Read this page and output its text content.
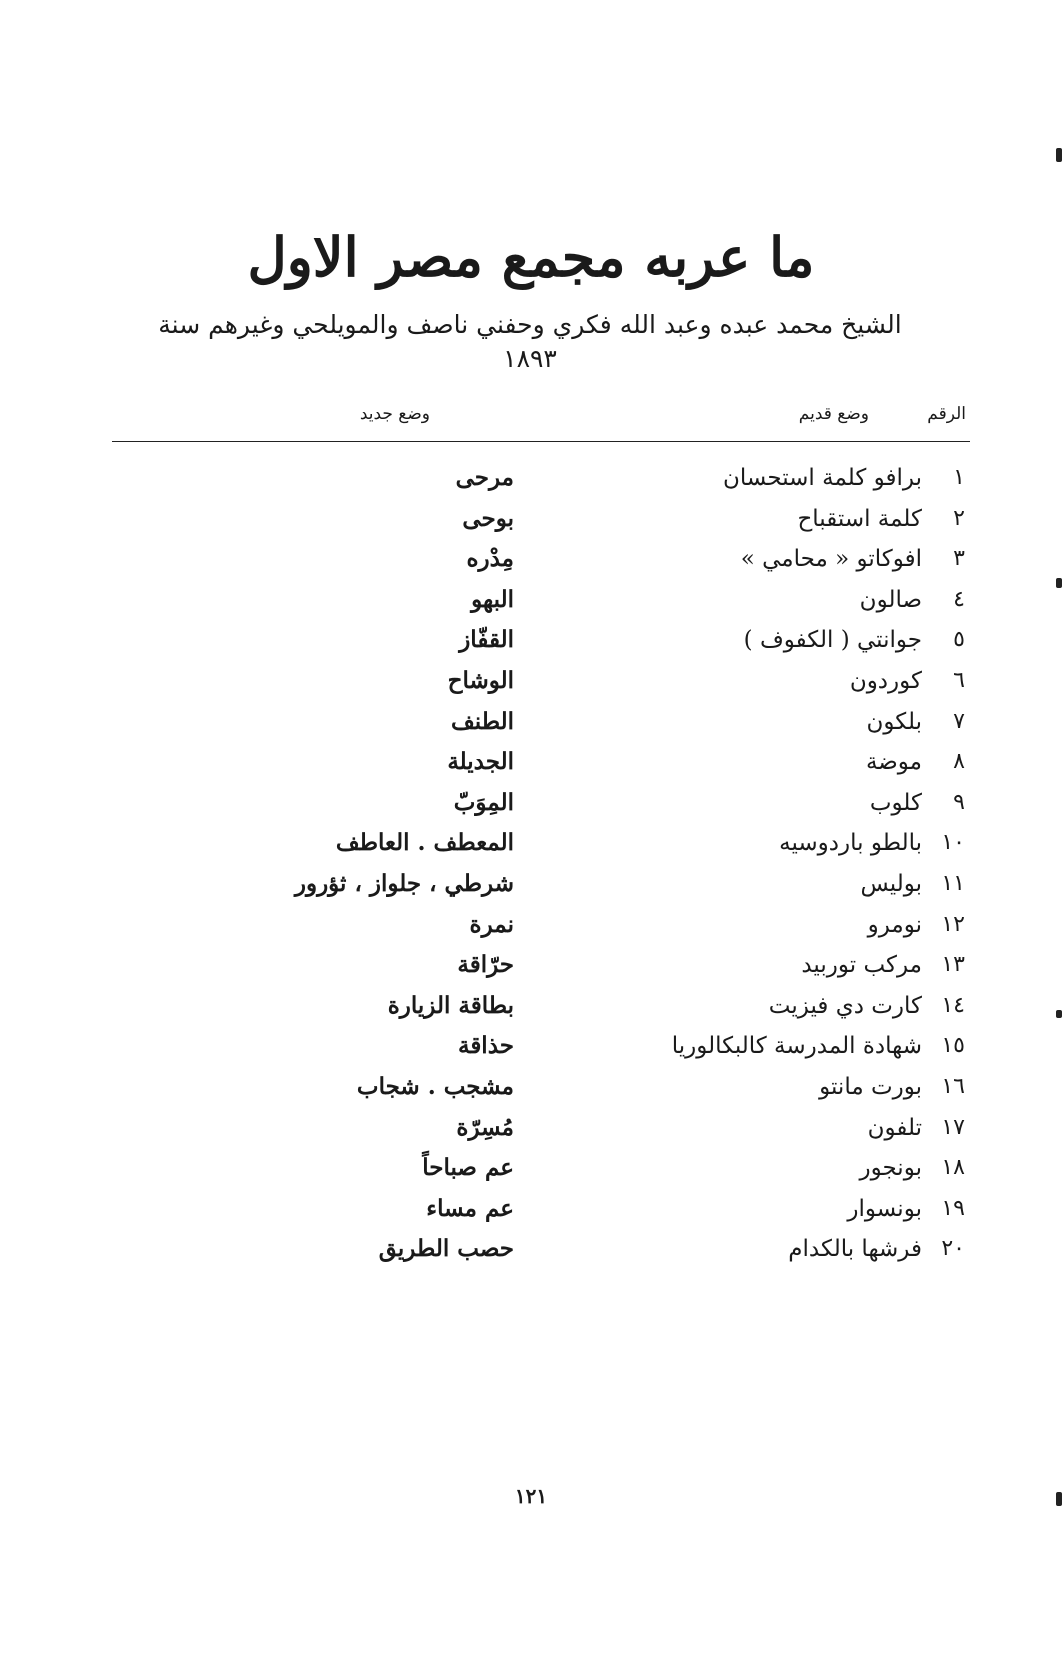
ما عربه مجمع مصر الاول
الشيخ محمد عبده وعبد الله فكري وحفني ناصف والمويلحي وغيرهم سنة ١٨٩٣
الرقم
وضع قديم
وضع جديد
١
برافو كلمة استحسان
مرحى
٢
كلمة استقباح
بوحى
٣
افوكاتو « محامي »
مِدْره
٤
صالون
البهو
٥
جوانتي ( الكفوف )
القفّاز
٦
كوردون
الوشاح
٧
بلكون
الطنف
٨
موضة
الجديلة
٩
كلوب
المِوَبّ
١٠
بالطو باردوسيه
المعطف . العاطف
١١
بوليس
شرطي ، جلواز ، ثؤرور
١٢
نومرو
نمرة
١٣
مركب توربيد
حرّاقة
١٤
كارت دي فيزيت
بطاقة الزيارة
١٥
شهادة المدرسة كالبكالوريا
حذاقة
١٦
بورت مانتو
مشجب . شجاب
١٧
تلفون
مُسِرّة
١٨
بونجور
عم صباحاً
١٩
بونسوار
عم مساء
٢٠
فرشها بالكدام
حصب الطريق
١٢١
